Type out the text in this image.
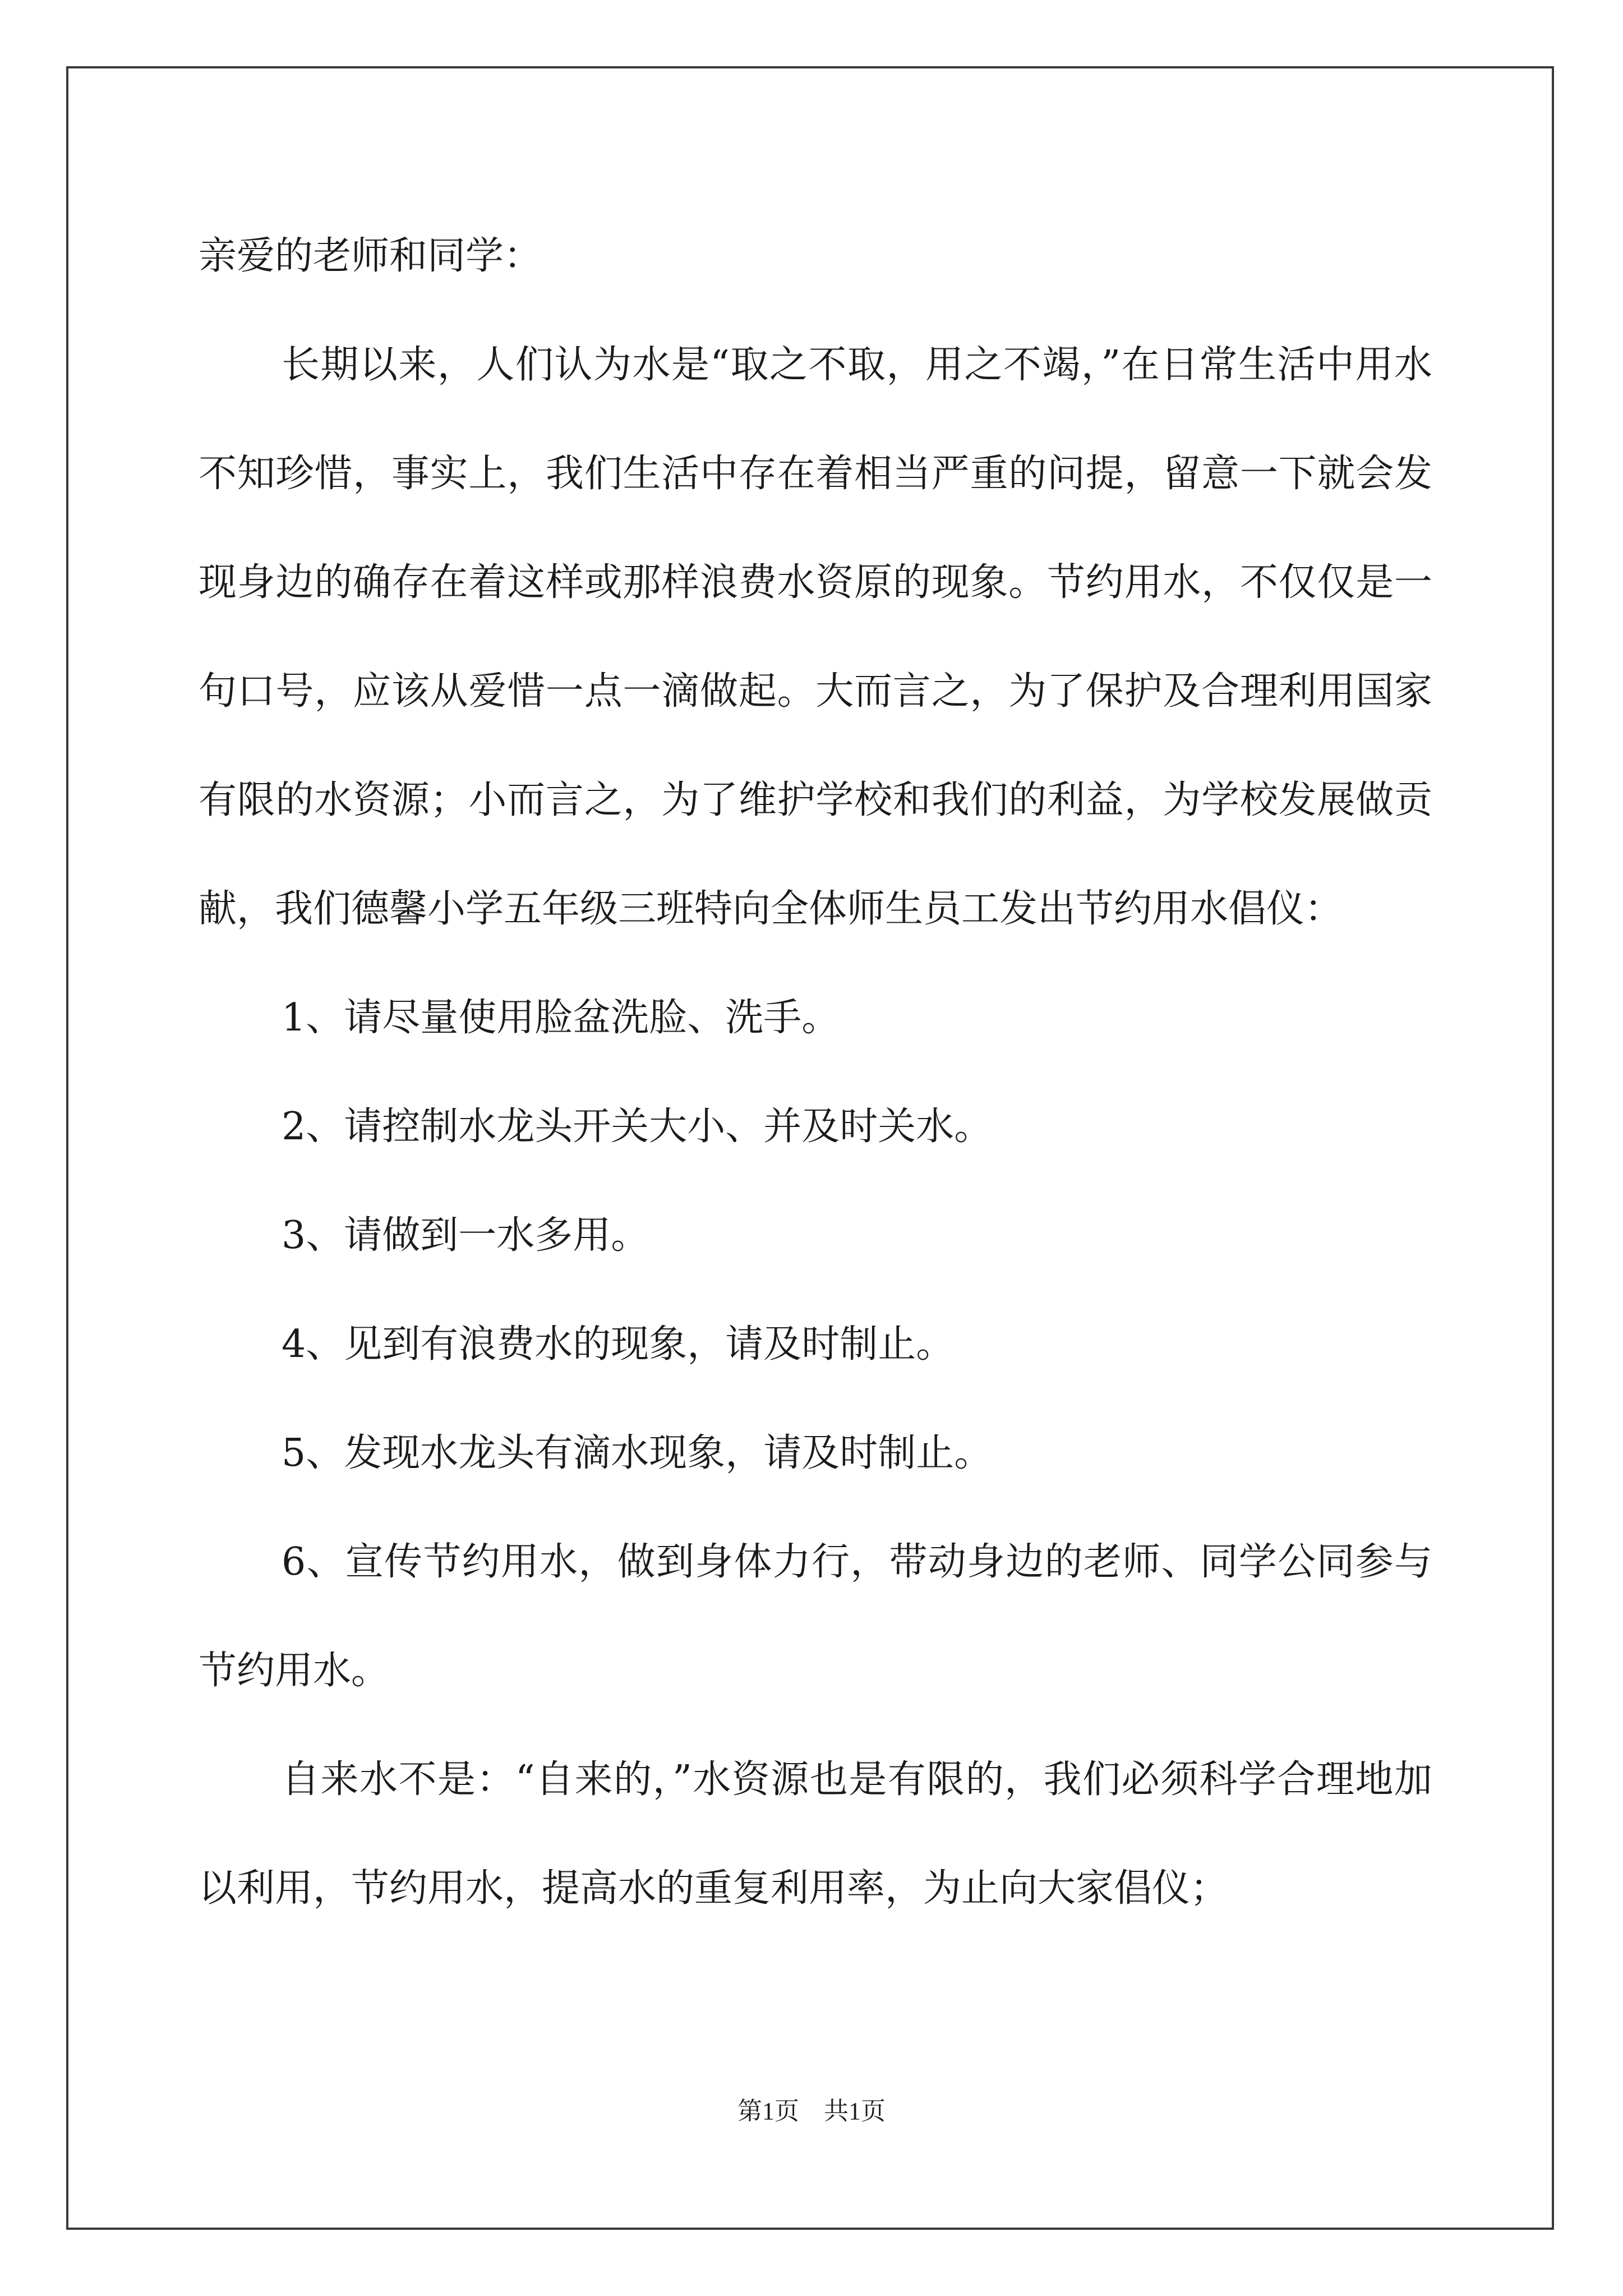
亲爱的老师和同学：

长期以来，人们认为水是“取之不取，用之不竭，”在日常生活中用水不知珍惜，事实上，我们生活中存在着相当严重的问提，留意一下就会发现身边的确存在着这样或那样浪费水资原的现象。节约用水，不仅仅是一句口号，应该从爱惜一点一滴做起。大而言之，为了保护及合理利用国家有限的水资源；小而言之，为了维护学校和我们的利益，为学校发展做贡献，我们德馨小学五年级三班特向全体师生员工发出节约用水倡仪：

1、请尽量使用脸盆洗脸、洗手。

2、请控制水龙头开关大小、并及时关水。

3、请做到一水多用。

4、见到有浪费水的现象，请及时制止。

5、发现水龙头有滴水现象，请及时制止。

6、宣传节约用水，做到身体力行，带动身边的老师、同学公同参与节约用水。

自来水不是：“自来的，”水资源也是有限的，我们必须科学合理地加以利用，节约用水，提高水的重复利用率，为止向大家倡仪；

第1页 共1页
